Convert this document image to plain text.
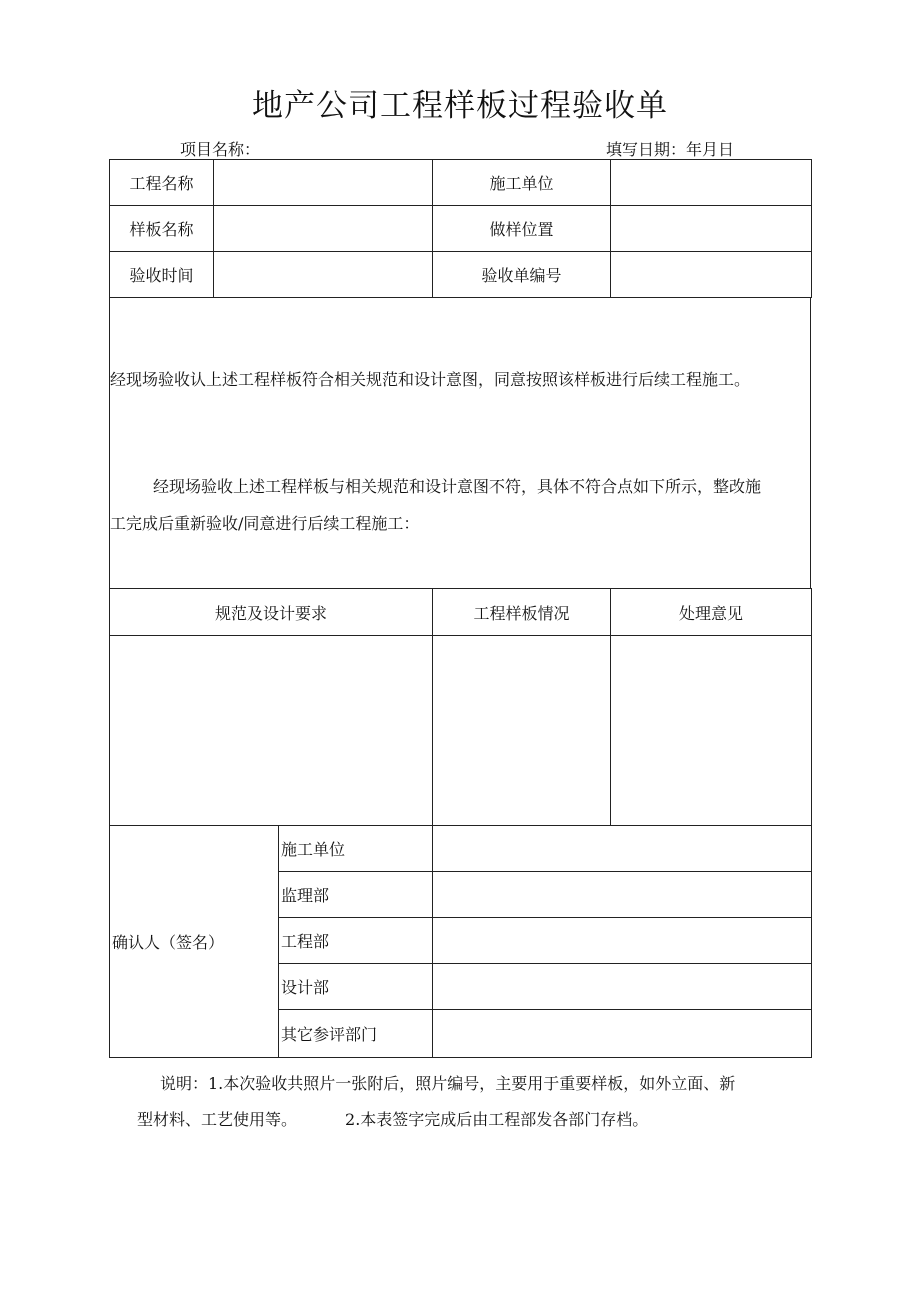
地产公司工程样板过程验收单
项目名称：	填写日期：年月日
工程名称		施工单位	
样板名称		做样位置	
验收时间		验收单编号	
经现场验收认上述工程样板符合相关规范和设计意图，同意按照该样板进行后续工程施工。
经现场验收上述工程样板与相关规范和设计意图不符，具体不符合点如下所示，整改施
工完成后重新验收/同意进行后续工程施工：
规范及设计要求	工程样板情况	处理意见

确认人（签名）	施工单位	
	监理部	
	工程部	
	设计部	
	其它参评部门	
说明：1.本次验收共照片一张附后，照片编号，主要用于重要样板，如外立面、新
型材料、工艺使用等。	2.本表签字完成后由工程部发各部门存档。
